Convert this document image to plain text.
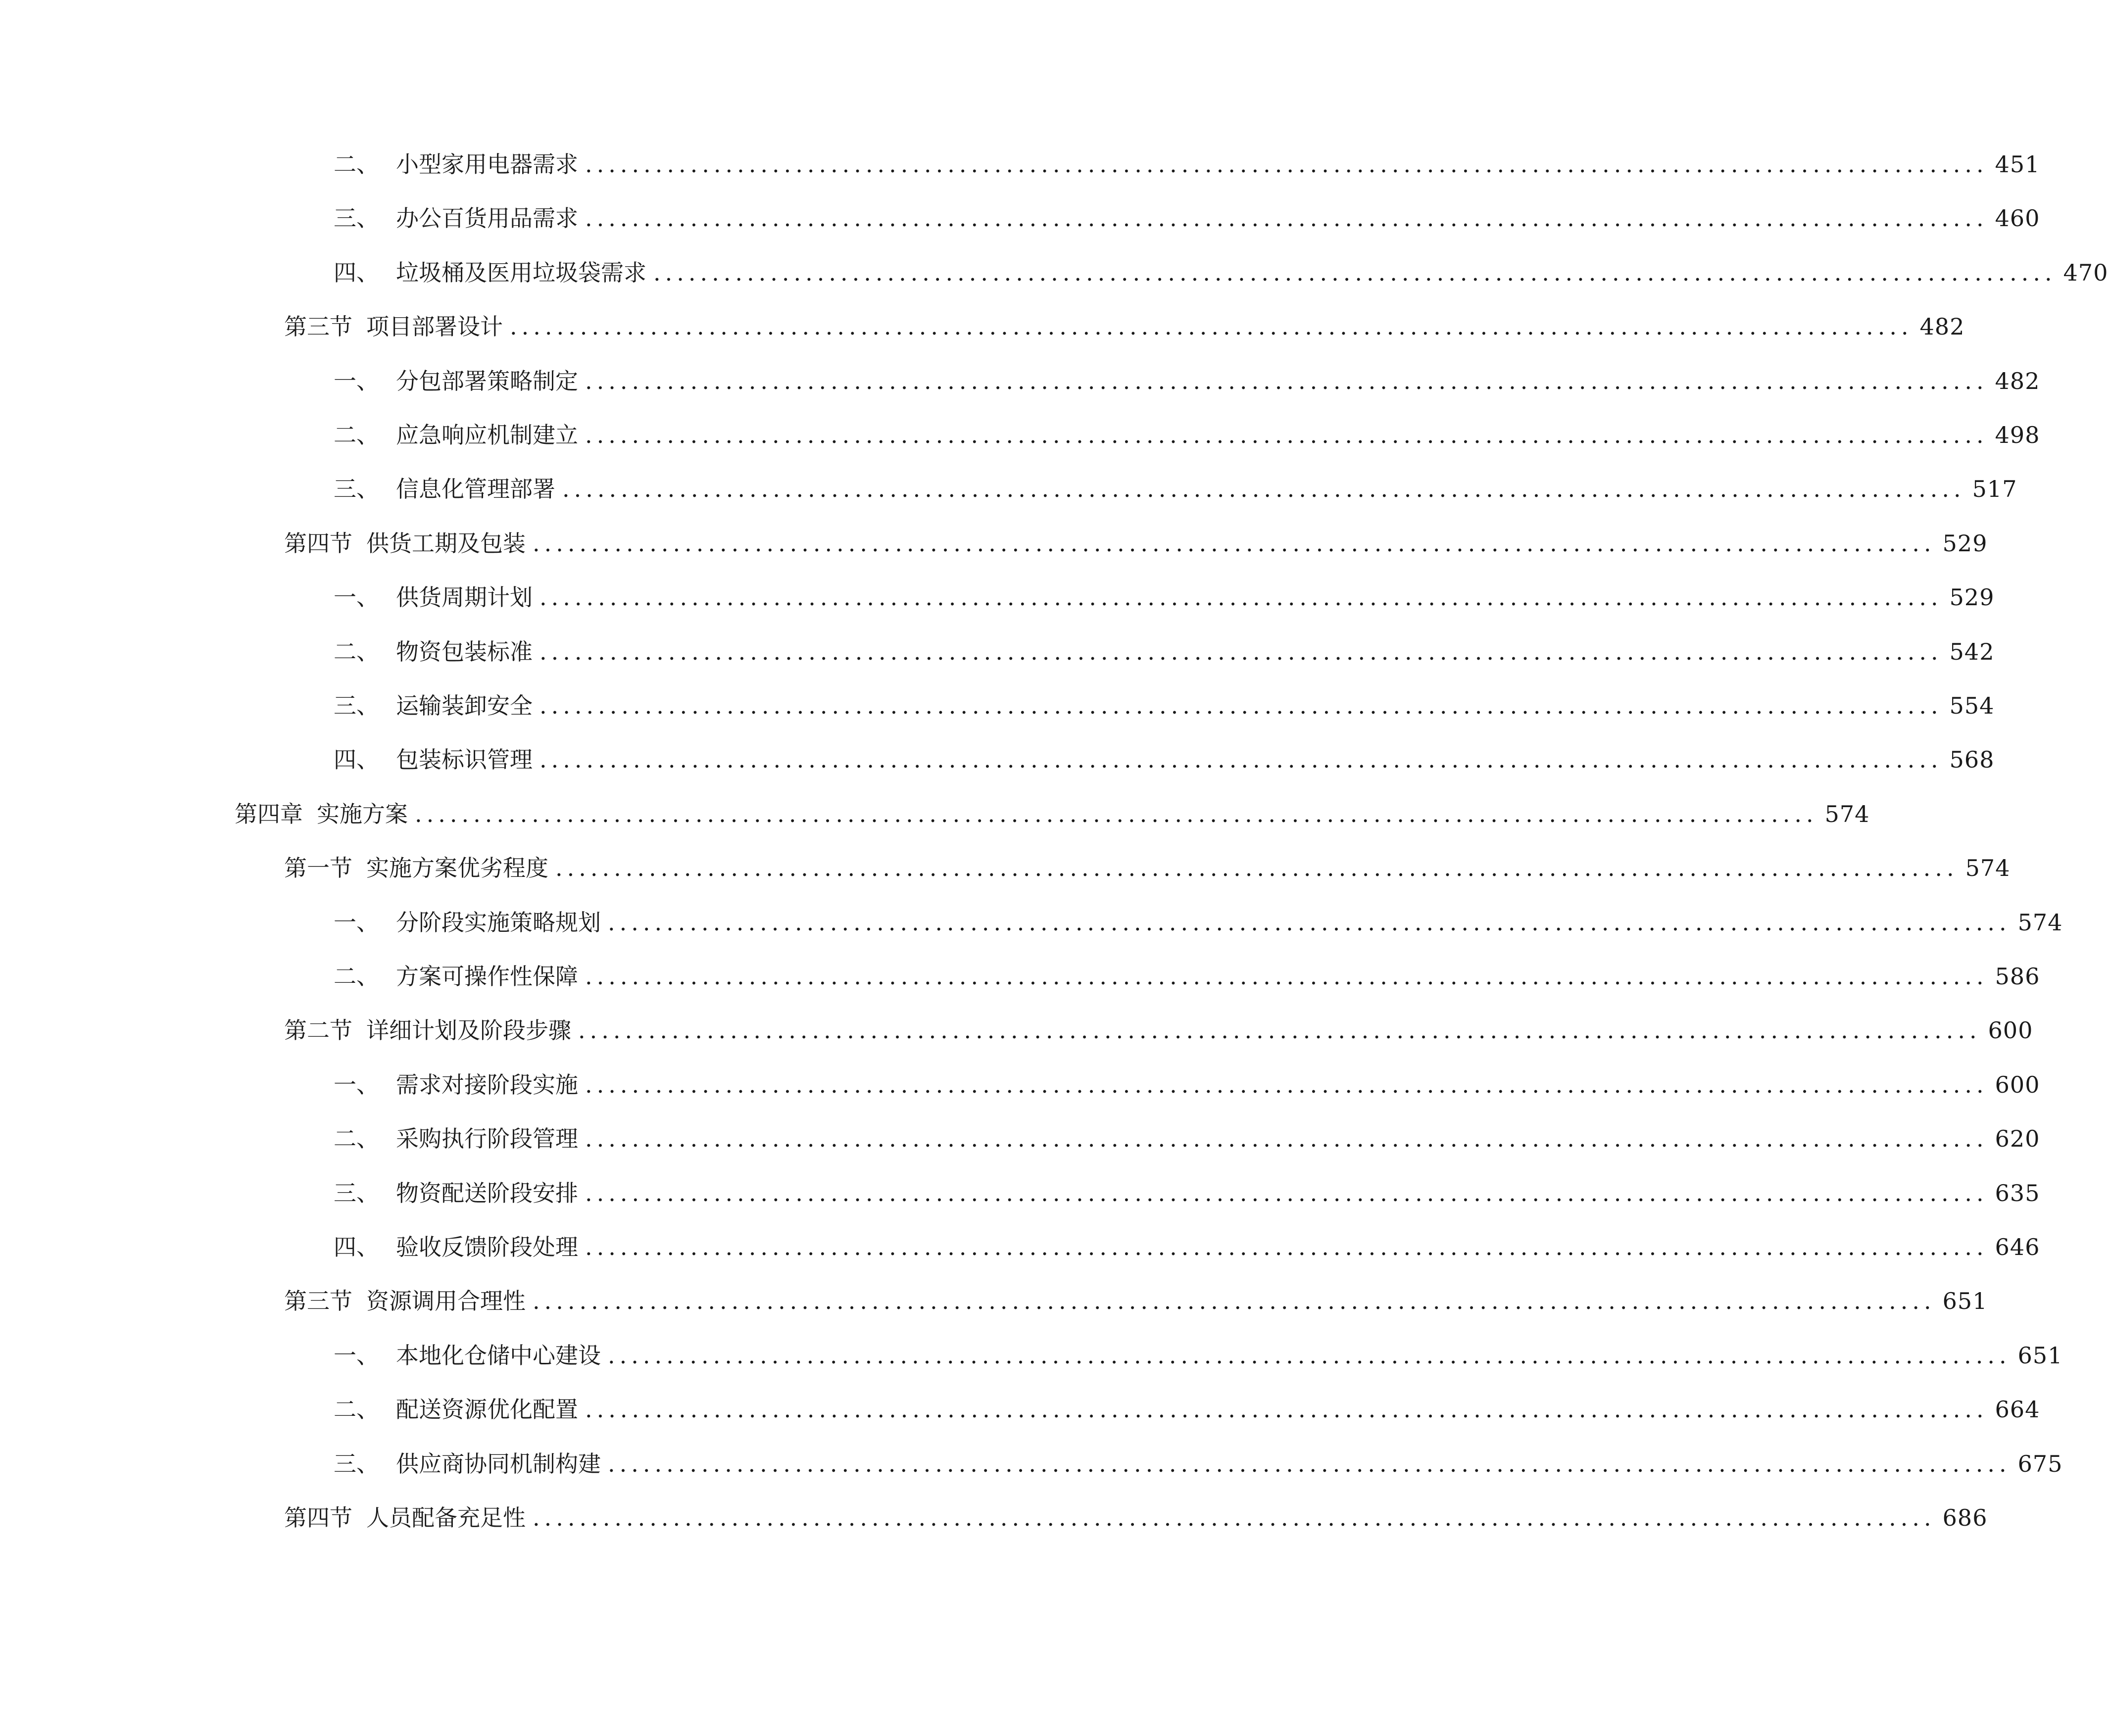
二、 小型家用电器需求 ........................................................................................................................ 451
三、 办公百货用品需求 ........................................................................................................................ 460
四、 垃圾桶及医用垃圾袋需求 ........................................................................................................................ 470
第三节 项目部署设计 ........................................................................................................................ 482
一、 分包部署策略制定 ........................................................................................................................ 482
二、 应急响应机制建立 ........................................................................................................................ 498
三、 信息化管理部署 ........................................................................................................................ 517
第四节 供货工期及包装 ........................................................................................................................ 529
一、 供货周期计划 ........................................................................................................................ 529
二、 物资包装标准 ........................................................................................................................ 542
三、 运输装卸安全 ........................................................................................................................ 554
四、 包装标识管理 ........................................................................................................................ 568
第四章 实施方案 ........................................................................................................................ 574
第一节 实施方案优劣程度 ........................................................................................................................ 574
一、 分阶段实施策略规划 ........................................................................................................................ 574
二、 方案可操作性保障 ........................................................................................................................ 586
第二节 详细计划及阶段步骤 ........................................................................................................................ 600
一、 需求对接阶段实施 ........................................................................................................................ 600
二、 采购执行阶段管理 ........................................................................................................................ 620
三、 物资配送阶段安排 ........................................................................................................................ 635
四、 验收反馈阶段处理 ........................................................................................................................ 646
第三节 资源调用合理性 ........................................................................................................................ 651
一、 本地化仓储中心建设 ........................................................................................................................ 651
二、 配送资源优化配置 ........................................................................................................................ 664
三、 供应商协同机制构建 ........................................................................................................................ 675
第四节 人员配备充足性 ........................................................................................................................ 686
